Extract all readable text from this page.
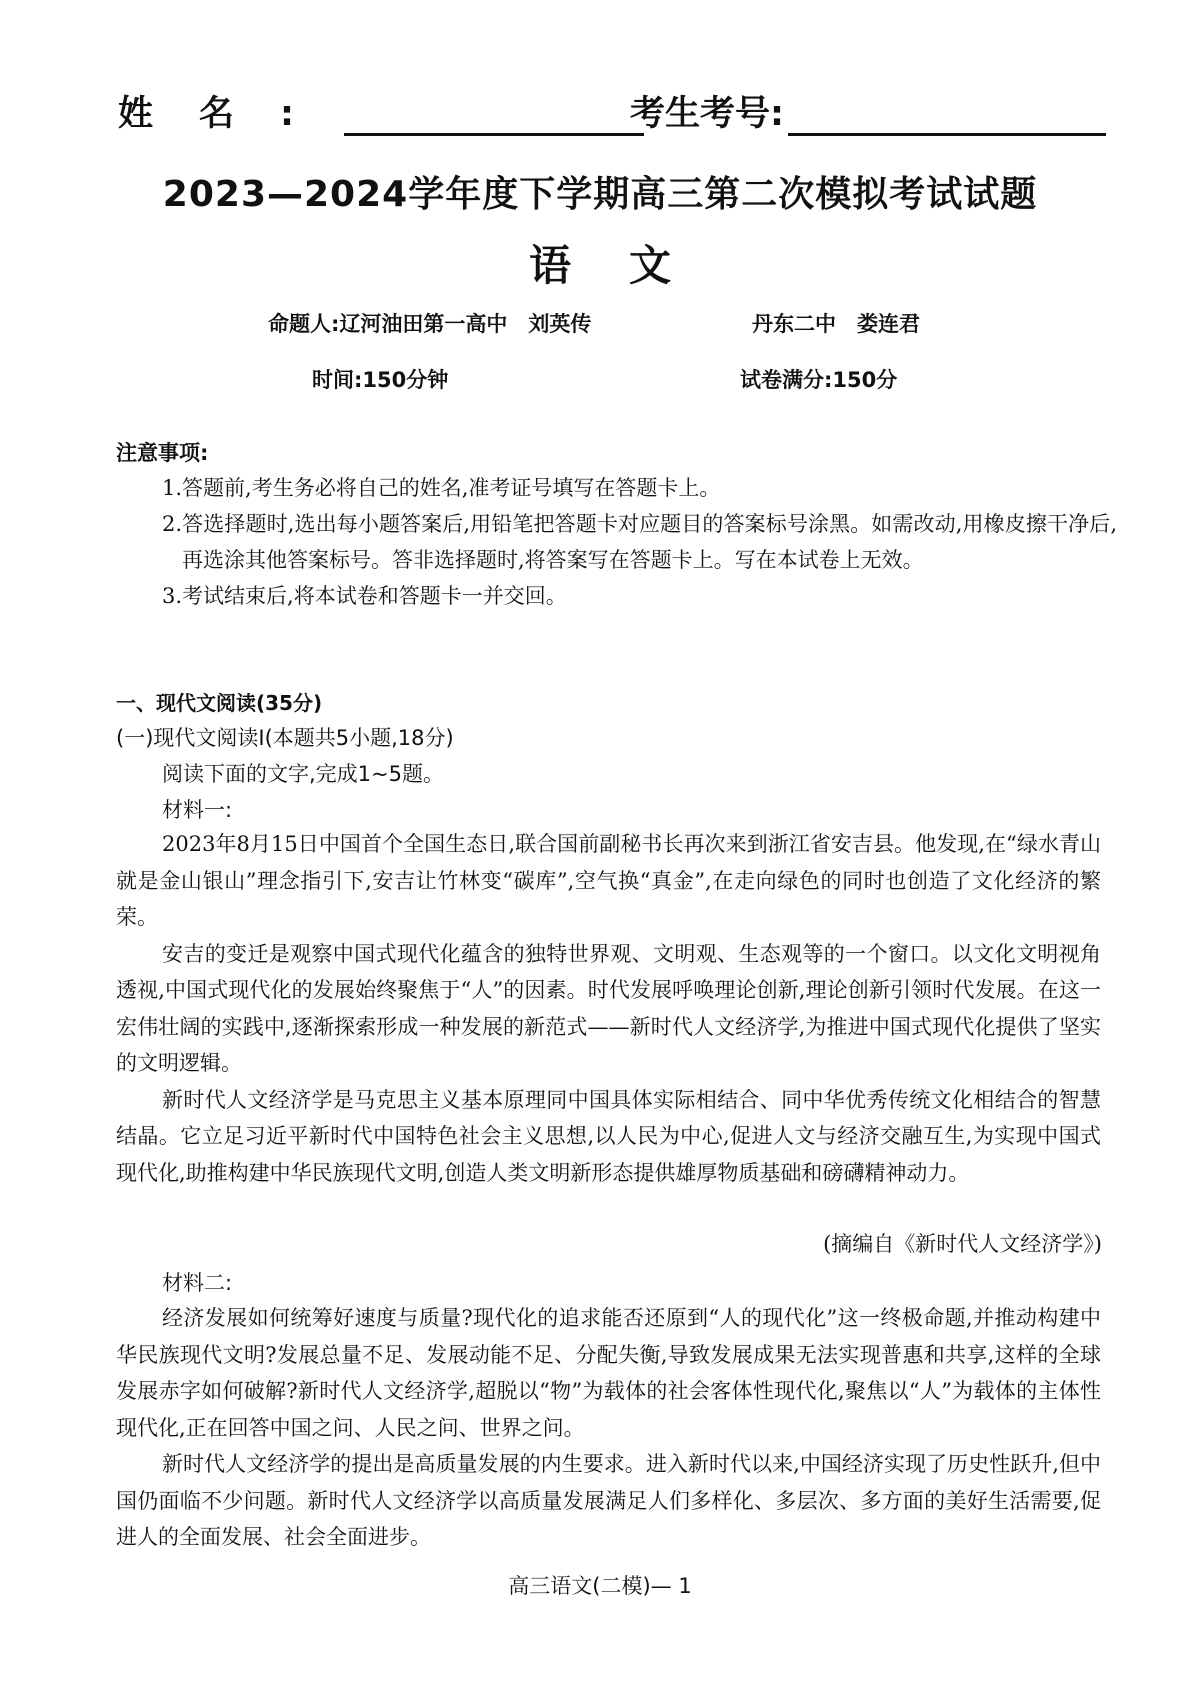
姓名:	考生考号:
2023—2024学年度下学期高三第二次模拟考试试题
语文
命题人:辽河油田第一高中　刘英传	丹东二中　娄连君
时间:150分钟	试卷满分:150分
注意事项:

1.答题前,考生务必将自己的姓名,准考证号填写在答题卡上。

2.答选择题时,选出每小题答案后,用铅笔把答题卡对应题目的答案标号涂黑。如需改动,用橡皮擦干净后,再选涂其他答案标号。答非选择题时,将答案写在答题卡上。写在本试卷上无效。

3.考试结束后,将本试卷和答题卡一并交回。

一、现代文阅读(35分)
(一)现代文阅读Ⅰ(本题共5小题,18分)
阅读下面的文字,完成1~5题。
材料一:

2023年8月15日中国首个全国生态日,联合国前副秘书长再次来到浙江省安吉县。他发现,在“绿水青山就是金山银山”理念指引下,安吉让竹林变“碳库”,空气换“真金”,在走向绿色的同时也创造了文化经济的繁荣。

安吉的变迁是观察中国式现代化蕴含的独特世界观、文明观、生态观等的一个窗口。以文化文明视角透视,中国式现代化的发展始终聚焦于“人”的因素。时代发展呼唤理论创新,理论创新引领时代发展。在这一宏伟壮阔的实践中,逐渐探索形成一种发展的新范式——新时代人文经济学,为推进中国式现代化提供了坚实的文明逻辑。

新时代人文经济学是马克思主义基本原理同中国具体实际相结合、同中华优秀传统文化相结合的智慧结晶。它立足习近平新时代中国特色社会主义思想,以人民为中心,促进人文与经济交融互生,为实现中国式现代化,助推构建中华民族现代文明,创造人类文明新形态提供雄厚物质基础和磅礴精神动力。

(摘编自《新时代人文经济学》)
材料二:

经济发展如何统筹好速度与质量?现代化的追求能否还原到“人的现代化”这一终极命题,并推动构建中华民族现代文明?发展总量不足、发展动能不足、分配失衡,导致发展成果无法实现普惠和共享,这样的全球发展赤字如何破解?新时代人文经济学,超脱以“物”为载体的社会客体性现代化,聚焦以“人”为载体的主体性现代化,正在回答中国之问、人民之问、世界之问。

新时代人文经济学的提出是高质量发展的内生要求。进入新时代以来,中国经济实现了历史性跃升,但中国仍面临不少问题。新时代人文经济学以高质量发展满足人们多样化、多层次、多方面的美好生活需要,促进人的全面发展、社会全面进步。

高三语文(二模)— 1
